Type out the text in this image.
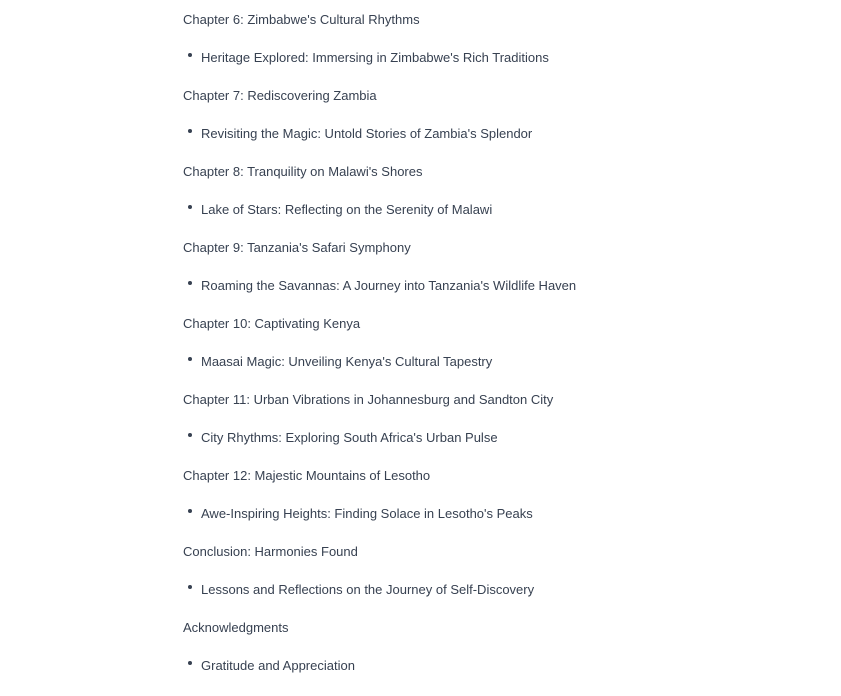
Chapter 6: Zimbabwe's Cultural Rhythms

Heritage Explored: Immersing in Zimbabwe's Rich Traditions

Chapter 7: Rediscovering Zambia

Revisiting the Magic: Untold Stories of Zambia's Splendor

Chapter 8: Tranquility on Malawi's Shores

Lake of Stars: Reflecting on the Serenity of Malawi

Chapter 9: Tanzania's Safari Symphony

Roaming the Savannas: A Journey into Tanzania's Wildlife Haven

Chapter 10: Captivating Kenya

Maasai Magic: Unveiling Kenya's Cultural Tapestry

Chapter 11: Urban Vibrations in Johannesburg and Sandton City

City Rhythms: Exploring South Africa's Urban Pulse

Chapter 12: Majestic Mountains of Lesotho

Awe-Inspiring Heights: Finding Solace in Lesotho's Peaks

Conclusion: Harmonies Found

Lessons and Reflections on the Journey of Self-Discovery

Acknowledgments

Gratitude and Appreciation
